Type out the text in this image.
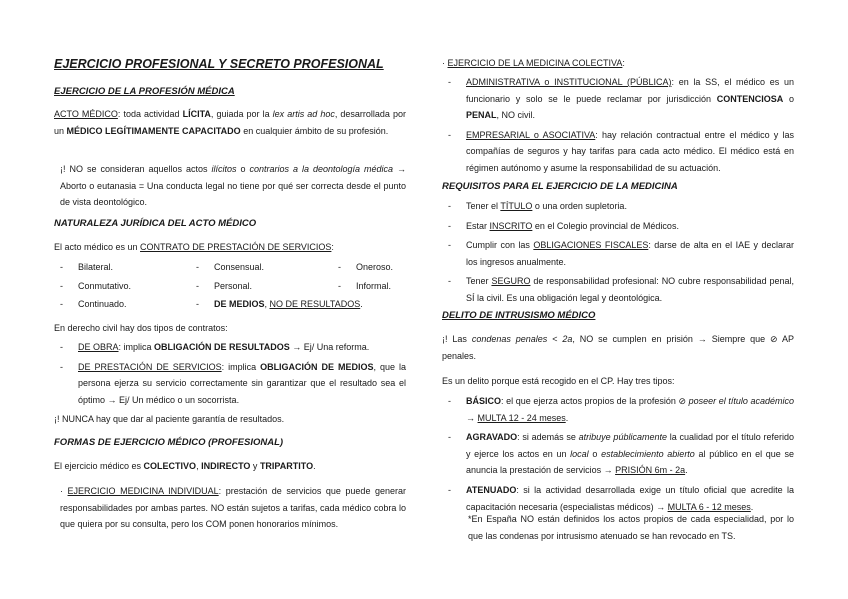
EJERCICIO PROFESIONAL Y SECRETO PROFESIONAL
EJERCICIO DE LA PROFESIÓN MÉDICA
ACTO MÉDICO: toda actividad LÍCITA, guiada por la lex artis ad hoc, desarrollada por un MÉDICO LEGÍTIMAMENTE CAPACITADO en cualquier ámbito de su profesión.
¡! NO se consideran aquellos actos ilícitos o contrarios a la deontología médica → Aborto o eutanasia = Una conducta legal no tiene por qué ser correcta desde el punto de vista deontológico.
NATURALEZA JURÍDICA DEL ACTO MÉDICO
El acto médico es un CONTRATO DE PRESTACIÓN DE SERVICIOS:
- Bilateral.	- Consensual.	- Oneroso.
- Conmutativo.	- Personal.	- Informal.
- Continuado.	- DE MEDIOS, NO DE RESULTADOS.
En derecho civil hay dos tipos de contratos:
- DE OBRA: implica OBLIGACIÓN DE RESULTADOS → Ej/ Una reforma.
- DE PRESTACIÓN DE SERVICIOS: implica OBLIGACIÓN DE MEDIOS, que la persona ejerza su servicio correctamente sin garantizar que el resultado sea el óptimo → Ej/ Un médico o un socorrista.
¡! NUNCA hay que dar al paciente garantía de resultados.
FORMAS DE EJERCICIO MÉDICO (PROFESIONAL)
El ejercicio médico es COLECTIVO, INDIRECTO y TRIPARTITO.
· EJERCICIO MEDICINA INDIVIDUAL: prestación de servicios que puede generar responsabilidades por ambas partes. NO están sujetos a tarifas, cada médico cobra lo que quiera por su consulta, pero los COM ponen honorarios mínimos.
· EJERCICIO DE LA MEDICINA COLECTIVA:
- ADMINISTRATIVA o INSTITUCIONAL (PÚBLICA): en la SS, el médico es un funcionario y solo se le puede reclamar por jurisdicción CONTENCIOSA o PENAL, NO civil.
- EMPRESARIAL o ASOCIATIVA: hay relación contractual entre el médico y las compañías de seguros y hay tarifas para cada acto médico. El médico está en régimen autónomo y asume la responsabilidad de su actuación.
REQUISITOS PARA EL EJERCICIO DE LA MEDICINA
- Tener el TÍTULO o una orden supletoria.
- Estar INSCRITO en el Colegio provincial de Médicos.
- Cumplir con las OBLIGACIONES FISCALES: darse de alta en el IAE y declarar los ingresos anualmente.
- Tener SEGURO de responsabilidad profesional: NO cubre responsabilidad penal, SÍ la civil. Es una obligación legal y deontológica.
DELITO DE INTRUSISMO MÉDICO
¡! Las condenas penales < 2a, NO se cumplen en prisión → Siempre que ⊘ AP penales.
Es un delito porque está recogido en el CP. Hay tres tipos:
- BÁSICO: el que ejerza actos propios de la profesión ⊘ poseer el título académico → MULTA 12 - 24 meses.
- AGRAVADO: si además se atribuye públicamente la cualidad por el título referido y ejerce los actos en un local o establecimiento abierto al público en el que se anuncia la prestación de servicios → PRISIÓN 6m - 2a.
- ATENUADO: si la actividad desarrollada exige un título oficial que acredite la capacitación necesaria (especialistas médicos) → MULTA 6 - 12 meses.
*En España NO están definidos los actos propios de cada especialidad, por lo que las condenas por intrusismo atenuado se han revocado en TS.
